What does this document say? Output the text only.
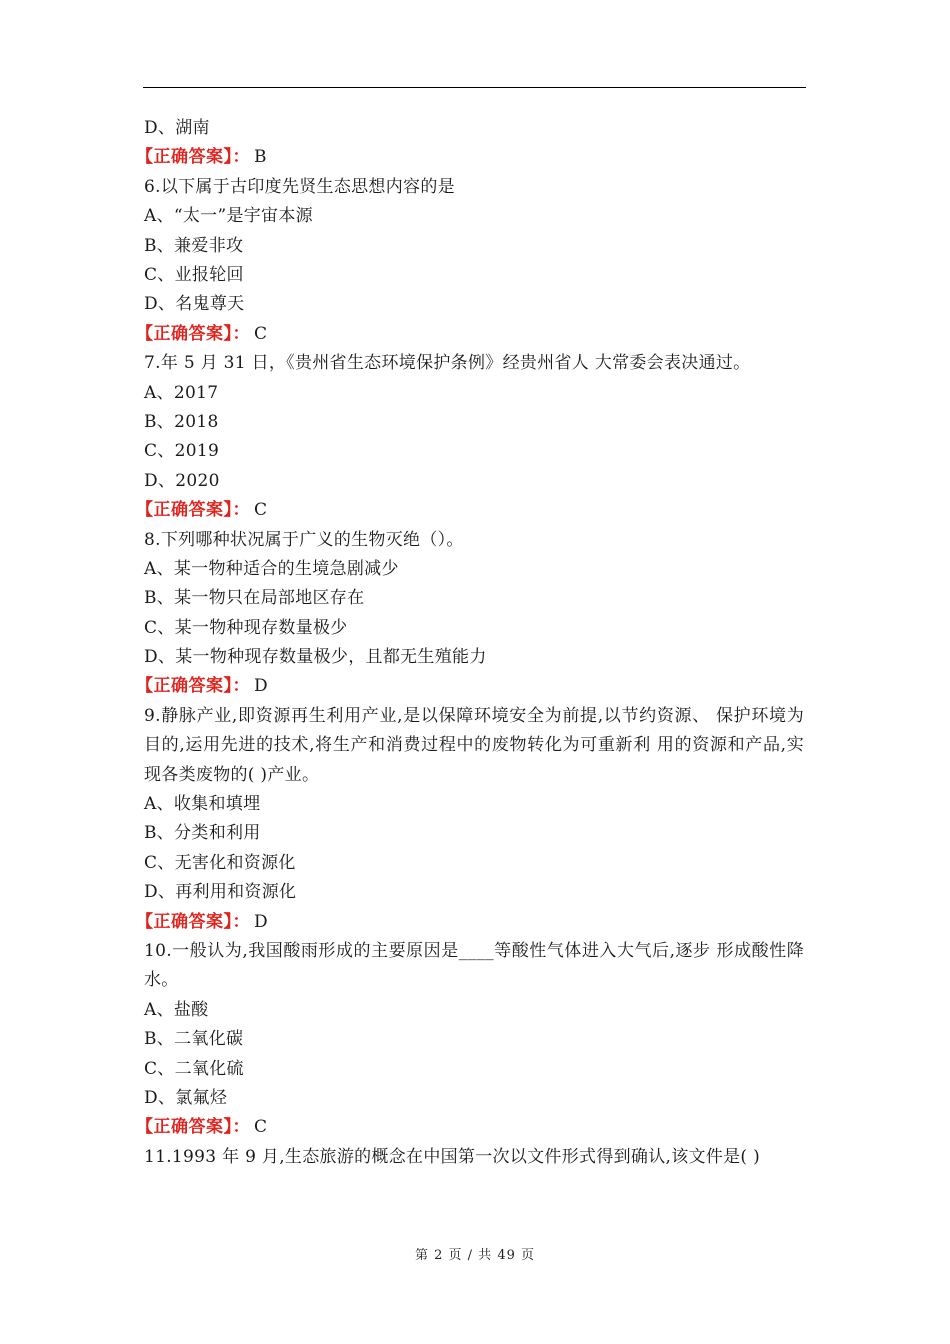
D、湖南
【正确答案】： B
6.以下属于古印度先贤生态思想内容的是
A、“太一”是宇宙本源
B、兼爱非攻
C、业报轮回
D、名鬼尊天
【正确答案】： C
7.年 5 月 31 日，《贵州省生态环境保护条例》经贵州省人 大常委会表决通过。
A、2017
B、2018
C、2019
D、2020
【正确答案】： C
8.下列哪种状况属于广义的生物灭绝（）。
A、某一物种适合的生境急剧减少
B、某一物只在局部地区存在
C、某一物种现存数量极少
D、某一物种现存数量极少，且都无生殖能力
【正确答案】： D
9.静脉产业,即资源再生利用产业,是以保障环境安全为前提,以节约资源、 保护环境为目的,运用先进的技术,将生产和消费过程中的废物转化为可重新利 用的资源和产品,实现各类废物的( )产业。
A、收集和填埋
B、分类和利用
C、无害化和资源化
D、再利用和资源化
【正确答案】： D
10.一般认为,我国酸雨形成的主要原因是____等酸性气体进入大气后,逐步 形成酸性降水。
A、盐酸
B、二氧化碳
C、二氧化硫
D、氯氟烃
【正确答案】： C
11.1993 年 9 月,生态旅游的概念在中国第一次以文件形式得到确认,该文件是( )
第 2 页 / 共 49 页
